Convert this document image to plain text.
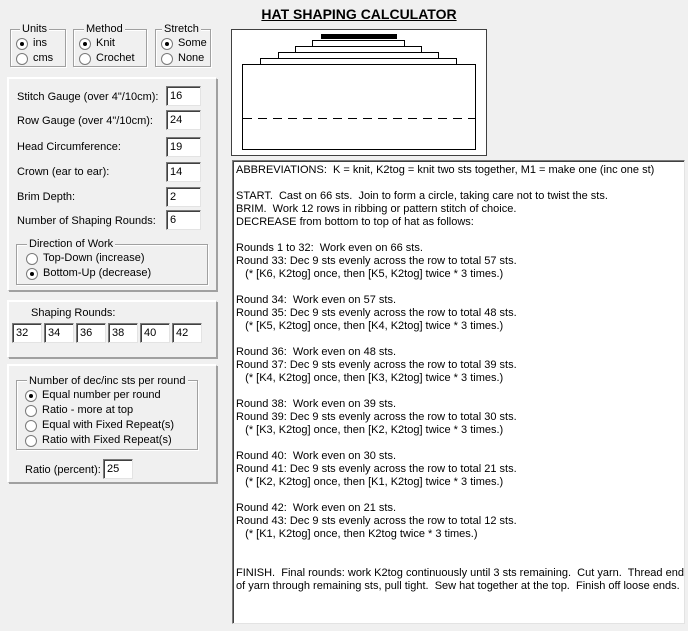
Units
ins
cms
Method
Knit
Crochet
Stretch
Some
None
Stitch Gauge (over 4"/10cm):	16
Row Gauge (over 4"/10cm):	24
Head Circumference:	19
Crown (ear to ear):	14
Brim Depth:	2
Number of Shaping Rounds:	6
Direction of Work
Top-Down (increase)
Bottom-Up (decrease)
Shaping Rounds:
32	34	36	38	40	42
Number of dec/inc sts per round
Equal number per round
Ratio - more at top
Equal with Fixed Repeat(s)
Ratio with Fixed Repeat(s)
Ratio (percent): 25
HAT SHAPING CALCULATOR
ABBREVIATIONS:  K = knit, K2tog = knit two sts together, M1 = make one (inc one st)
START.  Cast on 66 sts.  Join to form a circle, taking care not to twist the sts.
BRIM.  Work 12 rows in ribbing or pattern stitch of choice.
DECREASE from bottom to top of hat as follows:
Rounds 1 to 32:  Work even on 66 sts.
Round 33: Dec 9 sts evenly across the row to total 57 sts.
(* [K6, K2tog] once, then [K5, K2tog] twice * 3 times.)
Round 34:  Work even on 57 sts.
Round 35: Dec 9 sts evenly across the row to total 48 sts.
(* [K5, K2tog] once, then [K4, K2tog] twice * 3 times.)
Round 36:  Work even on 48 sts.
Round 37: Dec 9 sts evenly across the row to total 39 sts.
(* [K4, K2tog] once, then [K3, K2tog] twice * 3 times.)
Round 38:  Work even on 39 sts.
Round 39: Dec 9 sts evenly across the row to total 30 sts.
(* [K3, K2tog] once, then [K2, K2tog] twice * 3 times.)
Round 40:  Work even on 30 sts.
Round 41: Dec 9 sts evenly across the row to total 21 sts.
(* [K2, K2tog] once, then [K1, K2tog] twice * 3 times.)
Round 42:  Work even on 21 sts.
Round 43: Dec 9 sts evenly across the row to total 12 sts.
(* [K1, K2tog] once, then K2tog twice * 3 times.)
FINISH.  Final rounds: work K2tog continuously until 3 sts remaining.  Cut yarn.  Thread end
of yarn through remaining sts, pull tight.  Sew hat together at the top.  Finish off loose ends.
